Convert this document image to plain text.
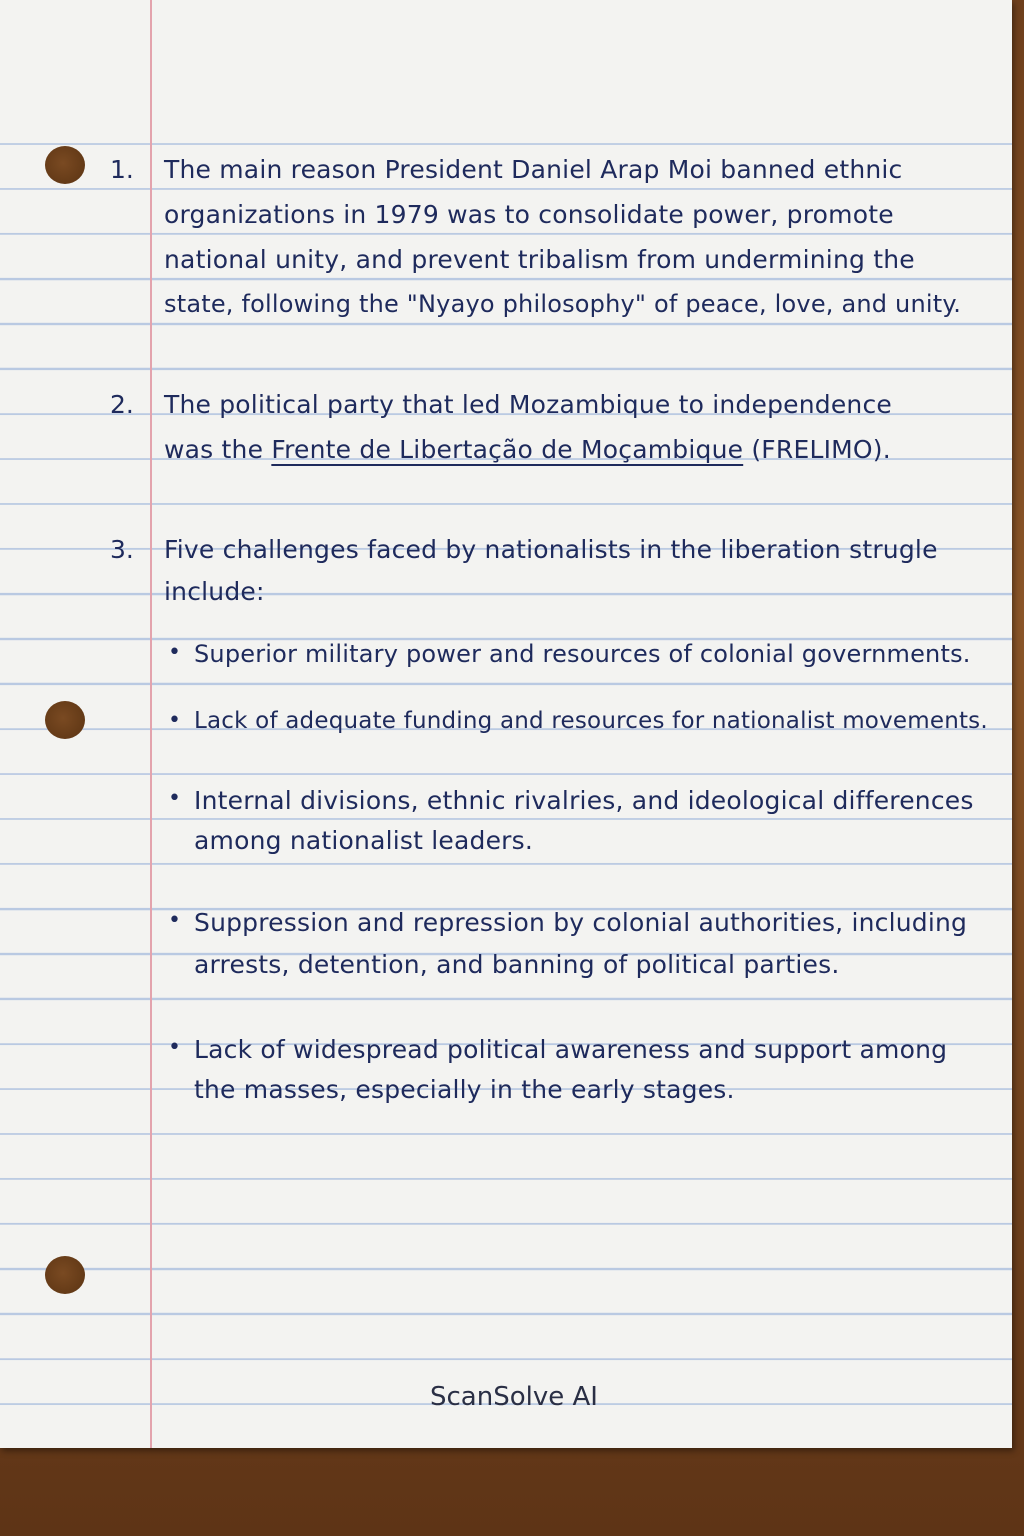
1. The main reason President Daniel Arap Moi banned ethnic
organizations in 1979 was to consolidate power, promote
national unity, and prevent tribalism from undermining the
state, following the "Nyayo philosophy" of peace, love, and unity.
2. The political party that led Mozambique to independence
was the Frente de Libertação de Moçambique (FRELIMO).
3. Five challenges faced by nationalists in the liberation strugle
include:
• Superior military power and resources of colonial governments.
• Lack of adequate funding and resources for nationalist movements.
• Internal divisions, ethnic rivalries, and ideological differences
among nationalist leaders.
• Suppression and repression by colonial authorities, including
arrests, detention, and banning of political parties.
• Lack of widespread political awareness and support among
the masses, especially in the early stages.
ScanSolve AI
